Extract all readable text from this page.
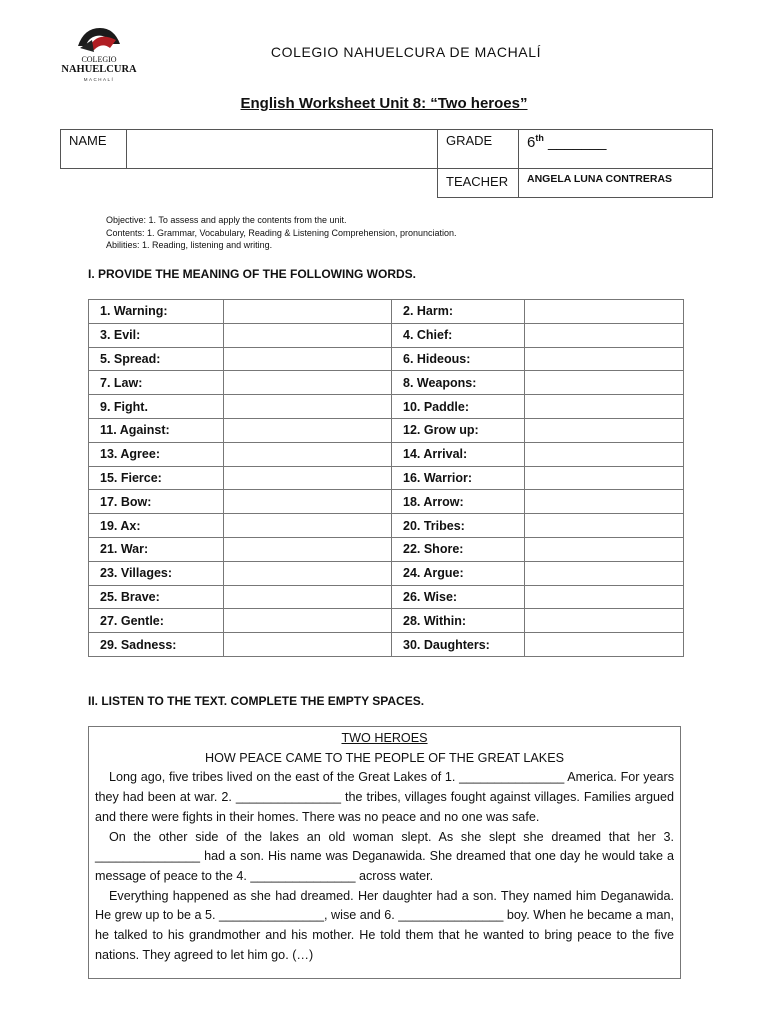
COLEGIO
NAHUELCURA
MACHALÍ
COLEGIO NAHUELCURA DE MACHALÍ
English Worksheet Unit 8: “Two heroes”
NAME		GRADE	6th _______
		TEACHER	ANGELA LUNA CONTRERAS
Objective: 1. To assess and apply the contents from the unit.
Contents: 1. Grammar, Vocabulary, Reading & Listening Comprehension, pronunciation.
Abilities: 1. Reading, listening and writing.
I. PROVIDE THE MEANING OF THE FOLLOWING WORDS.
1. Warning:		2. Harm:	
3. Evil:		4. Chief:	
5. Spread:		6. Hideous:	
7. Law:		8. Weapons:	
9. Fight.		10. Paddle:	
11. Against:		12. Grow up:	
13. Agree:		14. Arrival:	
15. Fierce:		16. Warrior:	
17. Bow:		18. Arrow:	
19. Ax:		20. Tribes:	
21. War:		22. Shore:	
23. Villages:		24. Argue:	
25. Brave:		26. Wise:	
27. Gentle:		28. Within:	
29. Sadness:		30. Daughters:	
II. LISTEN TO THE TEXT. COMPLETE THE EMPTY SPACES.
TWO HEROES
HOW PEACE CAME TO THE PEOPLE OF THE GREAT LAKES

Long ago, five tribes lived on the east of the Great Lakes of 1. _______________ America. For years they had been at war. 2. _______________ the tribes, villages fought against villages. Families argued and there were fights in their homes. There was no peace and no one was safe.

On the other side of the lakes an old woman slept. As she slept she dreamed that her 3. _______________ had a son. His name was Deganawida. She dreamed that one day he would take a message of peace to the 4. _______________ across water.

Everything happened as she had dreamed. Her daughter had a son. They named him Deganawida. He grew up to be a 5. _______________, wise and 6. _______________ boy. When he became a man, he talked to his grandmother and his mother. He told them that he wanted to bring peace to the five nations. They agreed to let him go. (…)
